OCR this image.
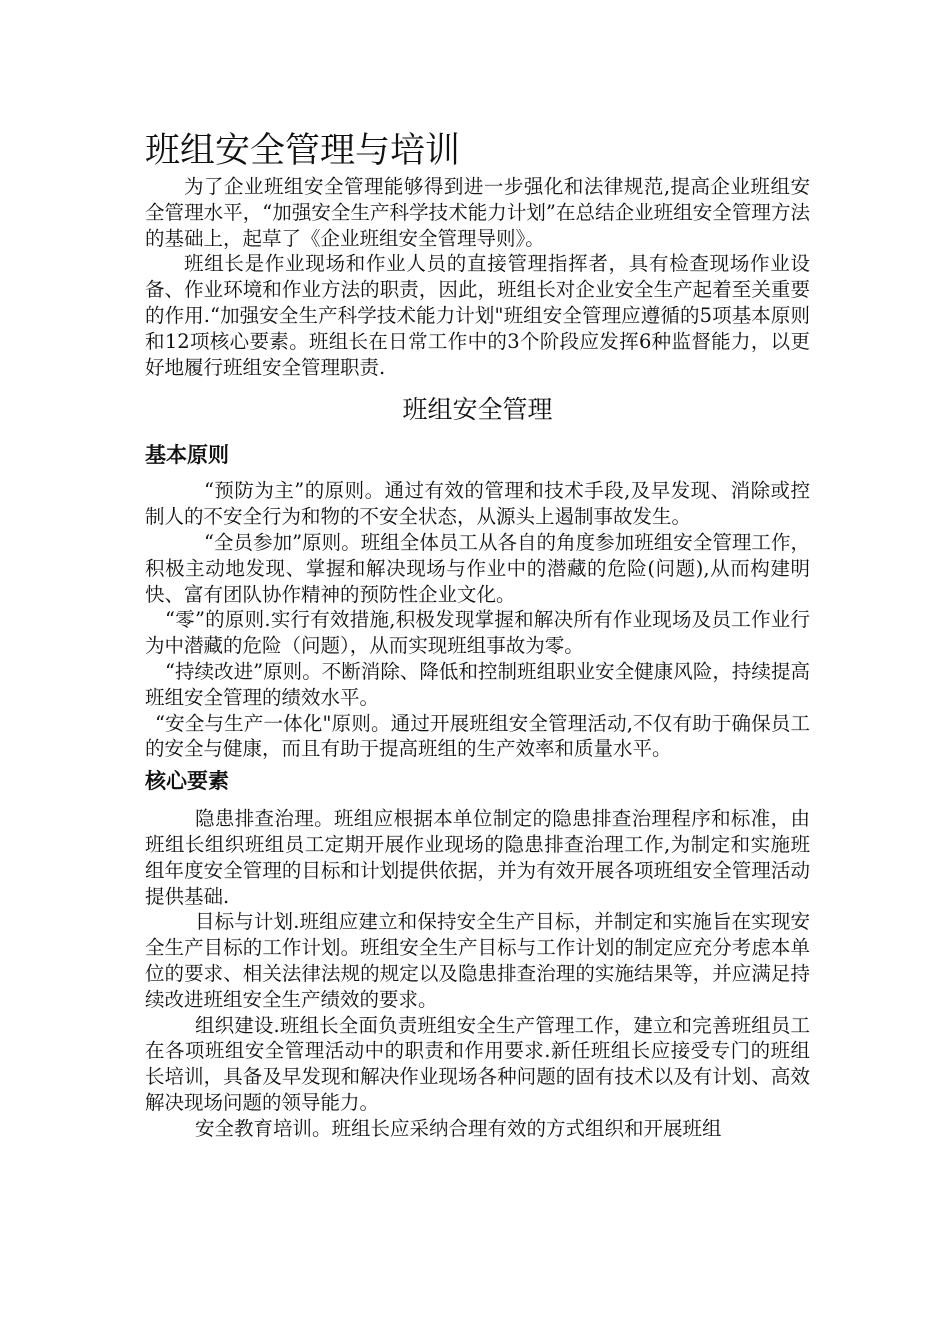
班组安全管理与培训

为了企业班组安全管理能够得到进一步强化和法律规范,提高企业班组安全管理水平，“加强安全生产科学技术能力计划”在总结企业班组安全管理方法的基础上，起草了《企业班组安全管理导则》。

班组长是作业现场和作业人员的直接管理指挥者，具有检查现场作业设备、作业环境和作业方法的职责，因此，班组长对企业安全生产起着至关重要的作用.“加强安全生产科学技术能力计划"班组安全管理应遵循的5项基本原则和12项核心要素。班组长在日常工作中的3个阶段应发挥6种监督能力，以更好地履行班组安全管理职责.

班组安全管理
基本原则

“预防为主”的原则。通过有效的管理和技术手段,及早发现、消除或控制人的不安全行为和物的不安全状态，从源头上遏制事故发生。

“全员参加”原则。班组全体员工从各自的角度参加班组安全管理工作，积极主动地发现、掌握和解决现场与作业中的潜藏的危险(问题),从而构建明快、富有团队协作精神的预防性企业文化。

“零”的原则.实行有效措施,积极发现掌握和解决所有作业现场及员工作业行为中潜藏的危险（问题），从而实现班组事故为零。

“持续改进”原则。不断消除、降低和控制班组职业安全健康风险，持续提高班组安全管理的绩效水平。

“安全与生产一体化"原则。通过开展班组安全管理活动,不仅有助于确保员工的安全与健康，而且有助于提高班组的生产效率和质量水平。

核心要素

隐患排查治理。班组应根据本单位制定的隐患排查治理程序和标准，由班组长组织班组员工定期开展作业现场的隐患排查治理工作,为制定和实施班组年度安全管理的目标和计划提供依据，并为有效开展各项班组安全管理活动提供基础.

目标与计划.班组应建立和保持安全生产目标，并制定和实施旨在实现安全生产目标的工作计划。班组安全生产目标与工作计划的制定应充分考虑本单位的要求、相关法律法规的规定以及隐患排查治理的实施结果等，并应满足持续改进班组安全生产绩效的要求。

组织建设.班组长全面负责班组安全生产管理工作，建立和完善班组员工在各项班组安全管理活动中的职责和作用要求.新任班组长应接受专门的班组长培训，具备及早发现和解决作业现场各种问题的固有技术以及有计划、高效解决现场问题的领导能力。

安全教育培训。班组长应采纳合理有效的方式组织和开展班组
